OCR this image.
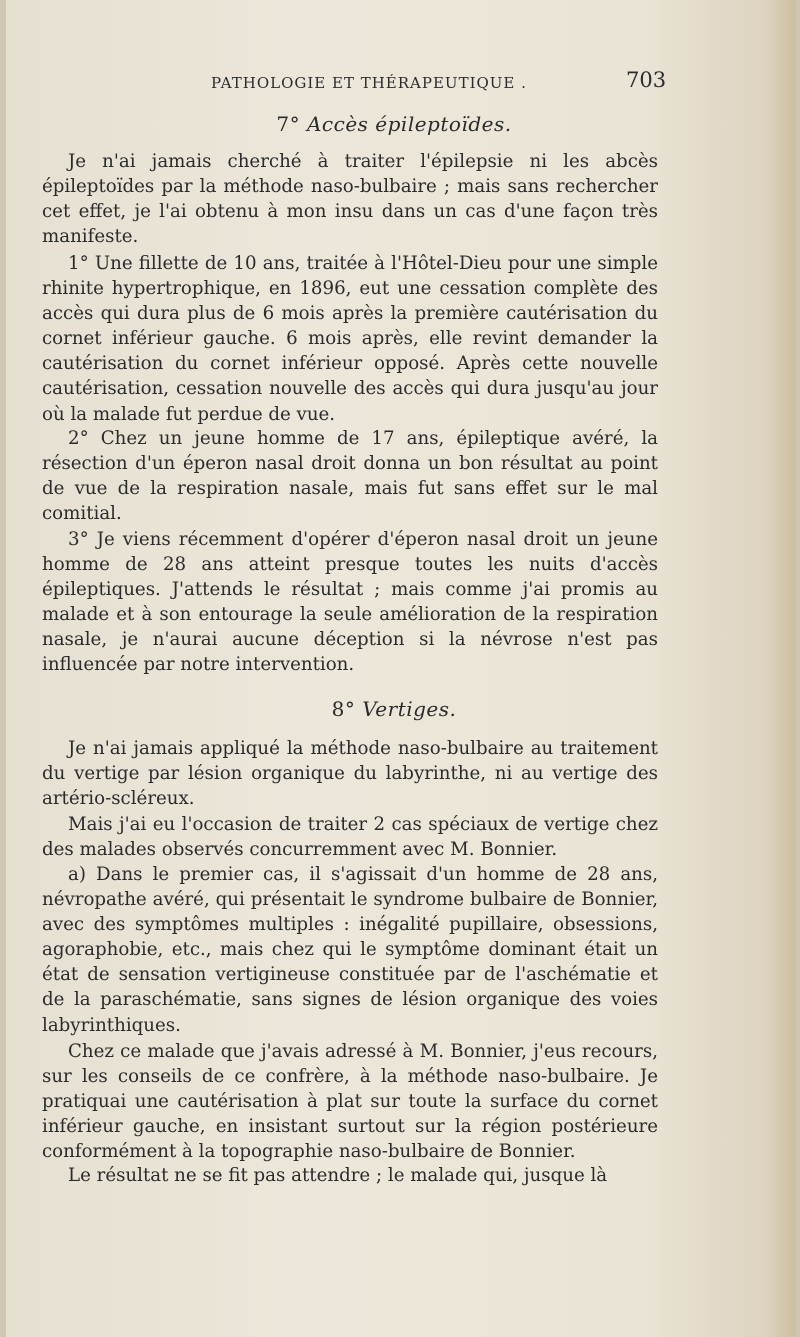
PATHOLOGIE ET THÉRAPEUTIQUE .	703
7° Accès épileptoïdes.

Je n'ai jamais cherché à traiter l'épilepsie ni les abcès épileptoïdes par la méthode naso-bulbaire ; mais sans rechercher cet effet, je l'ai obtenu à mon insu dans un cas d'une façon très manifeste.

1° Une fillette de 10 ans, traitée à l'Hôtel-Dieu pour une simple rhinite hypertrophique, en 1896, eut une cessation complète des accès qui dura plus de 6 mois après la première cautérisation du cornet inférieur gauche. 6 mois après, elle revint demander la cautérisation du cornet inférieur opposé. Après cette nouvelle cautérisation, cessation nouvelle des accès qui dura jusqu'au jour où la malade fut perdue de vue.

2° Chez un jeune homme de 17 ans, épileptique avéré, la résection d'un éperon nasal droit donna un bon résultat au point de vue de la respiration nasale, mais fut sans effet sur le mal comitial.

3° Je viens récemment d'opérer d'éperon nasal droit un jeune homme de 28 ans atteint presque toutes les nuits d'accès épileptiques. J'attends le résultat ; mais comme j'ai promis au malade et à son entourage la seule amélioration de la respiration nasale, je n'aurai aucune déception si la névrose n'est pas influencée par notre intervention.

8° Vertiges.

Je n'ai jamais appliqué la méthode naso-bulbaire au traitement du vertige par lésion organique du labyrinthe, ni au vertige des artério-scléreux.

Mais j'ai eu l'occasion de traiter 2 cas spéciaux de vertige chez des malades observés concurremment avec M. Bonnier.

a) Dans le premier cas, il s'agissait d'un homme de 28 ans, névropathe avéré, qui présentait le syndrome bulbaire de Bonnier, avec des symptômes multiples : inégalité pupillaire, obsessions, agoraphobie, etc., mais chez qui le symptôme dominant était un état de sensation vertigineuse constituée par de l'aschématie et de la paraschématie, sans signes de lésion organique des voies labyrinthiques.

Chez ce malade que j'avais adressé à M. Bonnier, j'eus recours, sur les conseils de ce confrère, à la méthode naso-bulbaire. Je pratiquai une cautérisation à plat sur toute la surface du cornet inférieur gauche, en insistant surtout sur la région postérieure conformément à la topographie naso-bulbaire de Bonnier.

Le résultat ne se fit pas attendre ; le malade qui, jusque là
